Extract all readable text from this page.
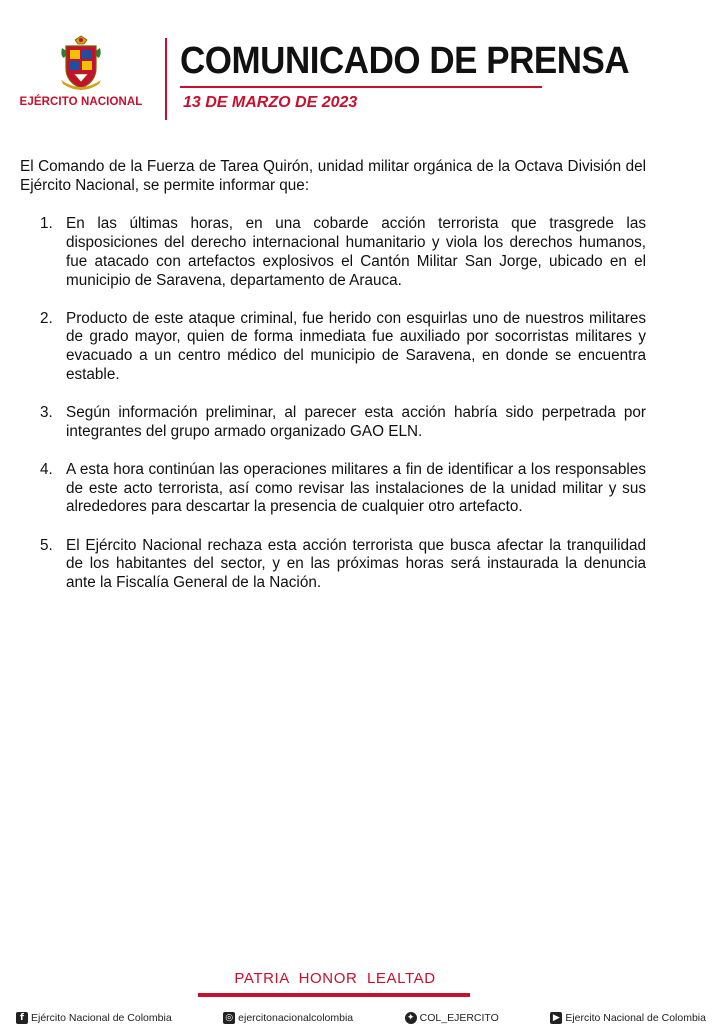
EJÉRCITO NACIONAL
COMUNICADO DE PRENSA
13 DE MARZO DE 2023

El Comando de la Fuerza de Tarea Quirón, unidad militar orgánica de la Octava División del Ejército Nacional, se permite informar que:

1. En las últimas horas, en una cobarde acción terrorista que trasgrede las disposiciones del derecho internacional humanitario y viola los derechos humanos, fue atacado con artefactos explosivos el Cantón Militar San Jorge, ubicado en el municipio de Saravena, departamento de Arauca.
2. Producto de este ataque criminal, fue herido con esquirlas uno de nuestros militares de grado mayor, quien de forma inmediata fue auxiliado por socorristas militares y evacuado a un centro médico del municipio de Saravena, en donde se encuentra estable.
3. Según información preliminar, al parecer esta acción habría sido perpetrada por integrantes del grupo armado organizado GAO ELN.
4. A esta hora continúan las operaciones militares a fin de identificar a los responsables de este acto terrorista, así como revisar las instalaciones de la unidad militar y sus alrededores para descartar la presencia de cualquier otro artefacto.
5. El Ejército Nacional rechaza esta acción terrorista que busca afectar la tranquilidad de los habitantes del sector, y en las próximas horas será instaurada la denuncia ante la Fiscalía General de la Nación.
PATRIA  HONOR  LEALTAD
f Ejército Nacional de Colombia	◎ ejercitonacionalcolombia	✦ COL_EJERCITO	▶ Ejercito Nacional de Colombia
